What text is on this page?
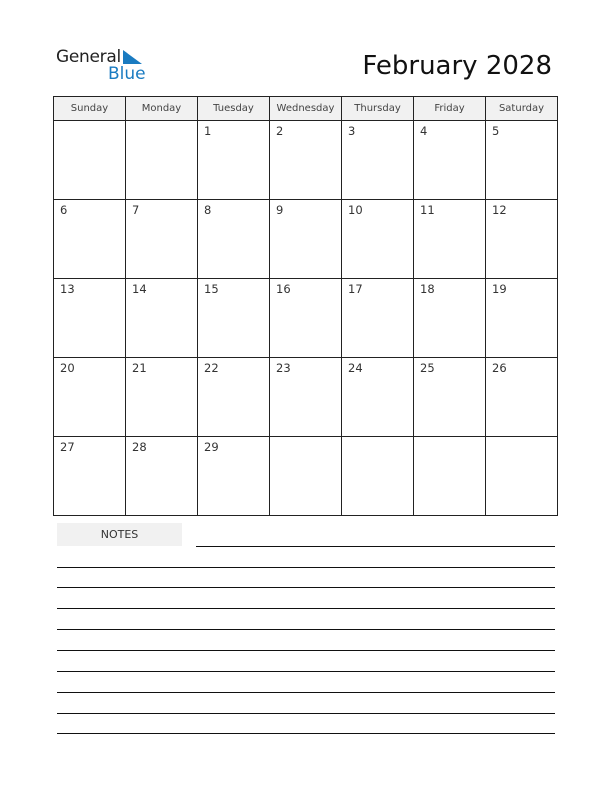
General
Blue	February 2028
Sunday	Monday	Tuesday	Wednesday	Thursday	Friday	Saturday
		1	2	3	4	5
6	7	8	9	10	11	12
13	14	15	16	17	18	19
20	21	22	23	24	25	26
27	28	29				
NOTES
